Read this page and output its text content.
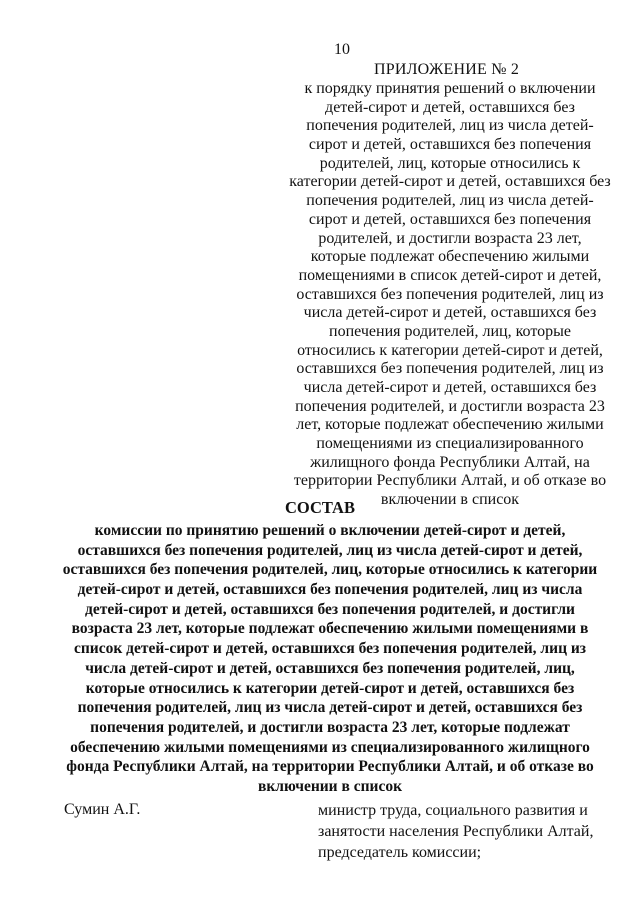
10
ПРИЛОЖЕНИЕ № 2
к порядку принятия решений о включении
детей-сирот и детей, оставшихся без
попечения родителей, лиц из числа детей-
сирот и детей, оставшихся без попечения
родителей, лиц, которые относились к
категории детей-сирот и детей, оставшихся без
попечения родителей, лиц из числа детей-
сирот и детей, оставшихся без попечения
родителей, и достигли возраста 23 лет,
которые подлежат обеспечению жилыми
помещениями в список детей-сирот и детей,
оставшихся без попечения родителей, лиц из
числа детей-сирот и детей, оставшихся без
попечения родителей, лиц, которые
относились к категории детей-сирот и детей,
оставшихся без попечения родителей, лиц из
числа детей-сирот и детей, оставшихся без
попечения родителей, и достигли возраста 23
лет, которые подлежат обеспечению жилыми
помещениями из специализированного
жилищного фонда Республики Алтай, на
территории Республики Алтай, и об отказе во
включении в список
СОСТАВ
комиссии по принятию решений о включении детей-сирот и детей,
оставшихся без попечения родителей, лиц из числа детей-сирот и детей,
оставшихся без попечения родителей, лиц, которые относились к категории
детей-сирот и детей, оставшихся без попечения родителей, лиц из числа
детей-сирот и детей, оставшихся без попечения родителей, и достигли
возраста 23 лет, которые подлежат обеспечению жилыми помещениями в
список детей-сирот и детей, оставшихся без попечения родителей, лиц из
числа детей-сирот и детей, оставшихся без попечения родителей, лиц,
которые относились к категории детей-сирот и детей, оставшихся без
попечения родителей, лиц из числа детей-сирот и детей, оставшихся без
попечения родителей, и достигли возраста 23 лет, которые подлежат
обеспечению жилыми помещениями из специализированного жилищного
фонда Республики Алтай, на территории Республики Алтай, и об отказе во
включении в список
Сумин А.Г.	министр труда, социального развития и
занятости населения Республики Алтай,
председатель комиссии;
